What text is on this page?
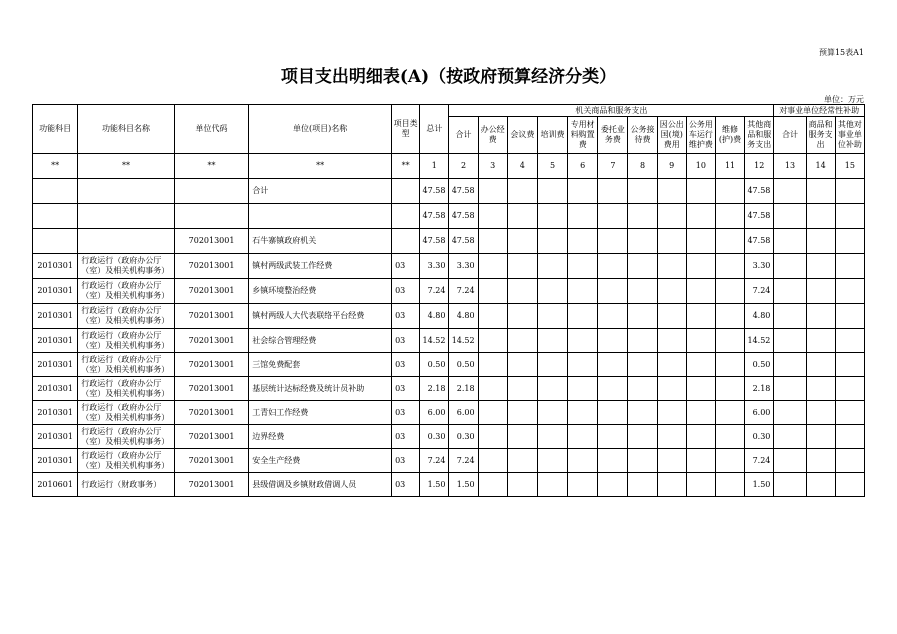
预算15表A1
项目支出明细表(A)（按政府预算经济分类）
单位：万元
功能科目	功能科目名称	单位代码	单位(项目)名称	项目类型	总计	机关商品和服务支出											对事业单位经常性补助		
						合计	办公经费	会议费	培训费	专用材料购置费	委托业务费	公务接待费	因公出国(境)费用	公务用车运行维护费	维修(护)费	其他商品和服务支出	合计	商品和服务支出	其他对事业单位补助
**	**	**	**	**	1	2	3	4	5	6	7	8	9	10	11	12	13	14	15
			合计		47.58	47.58										47.58			
					47.58	47.58										47.58			
		702013001	石牛寨镇政府机关		47.58	47.58										47.58			
2010301	行政运行（政府办公厅（室）及相关机构事务）	702013001	镇村两级武装工作经费	03	3.30	3.30										3.30			
2010301	行政运行（政府办公厅（室）及相关机构事务）	702013001	乡镇环境整治经费	03	7.24	7.24										7.24			
2010301	行政运行（政府办公厅（室）及相关机构事务）	702013001	镇村两级人大代表联络平台经费	03	4.80	4.80										4.80			
2010301	行政运行（政府办公厅（室）及相关机构事务）	702013001	社会综合管理经费	03	14.52	14.52										14.52			
2010301	行政运行（政府办公厅（室）及相关机构事务）	702013001	三馆免费配套	03	0.50	0.50										0.50			
2010301	行政运行（政府办公厅（室）及相关机构事务）	702013001	基层统计达标经费及统计员补助	03	2.18	2.18										2.18			
2010301	行政运行（政府办公厅（室）及相关机构事务）	702013001	工青妇工作经费	03	6.00	6.00										6.00			
2010301	行政运行（政府办公厅（室）及相关机构事务）	702013001	边界经费	03	0.30	0.30										0.30			
2010301	行政运行（政府办公厅（室）及相关机构事务）	702013001	安全生产经费	03	7.24	7.24										7.24			
2010601	行政运行（财政事务）	702013001	县级借调及乡镇财政借调人员	03	1.50	1.50										1.50			
